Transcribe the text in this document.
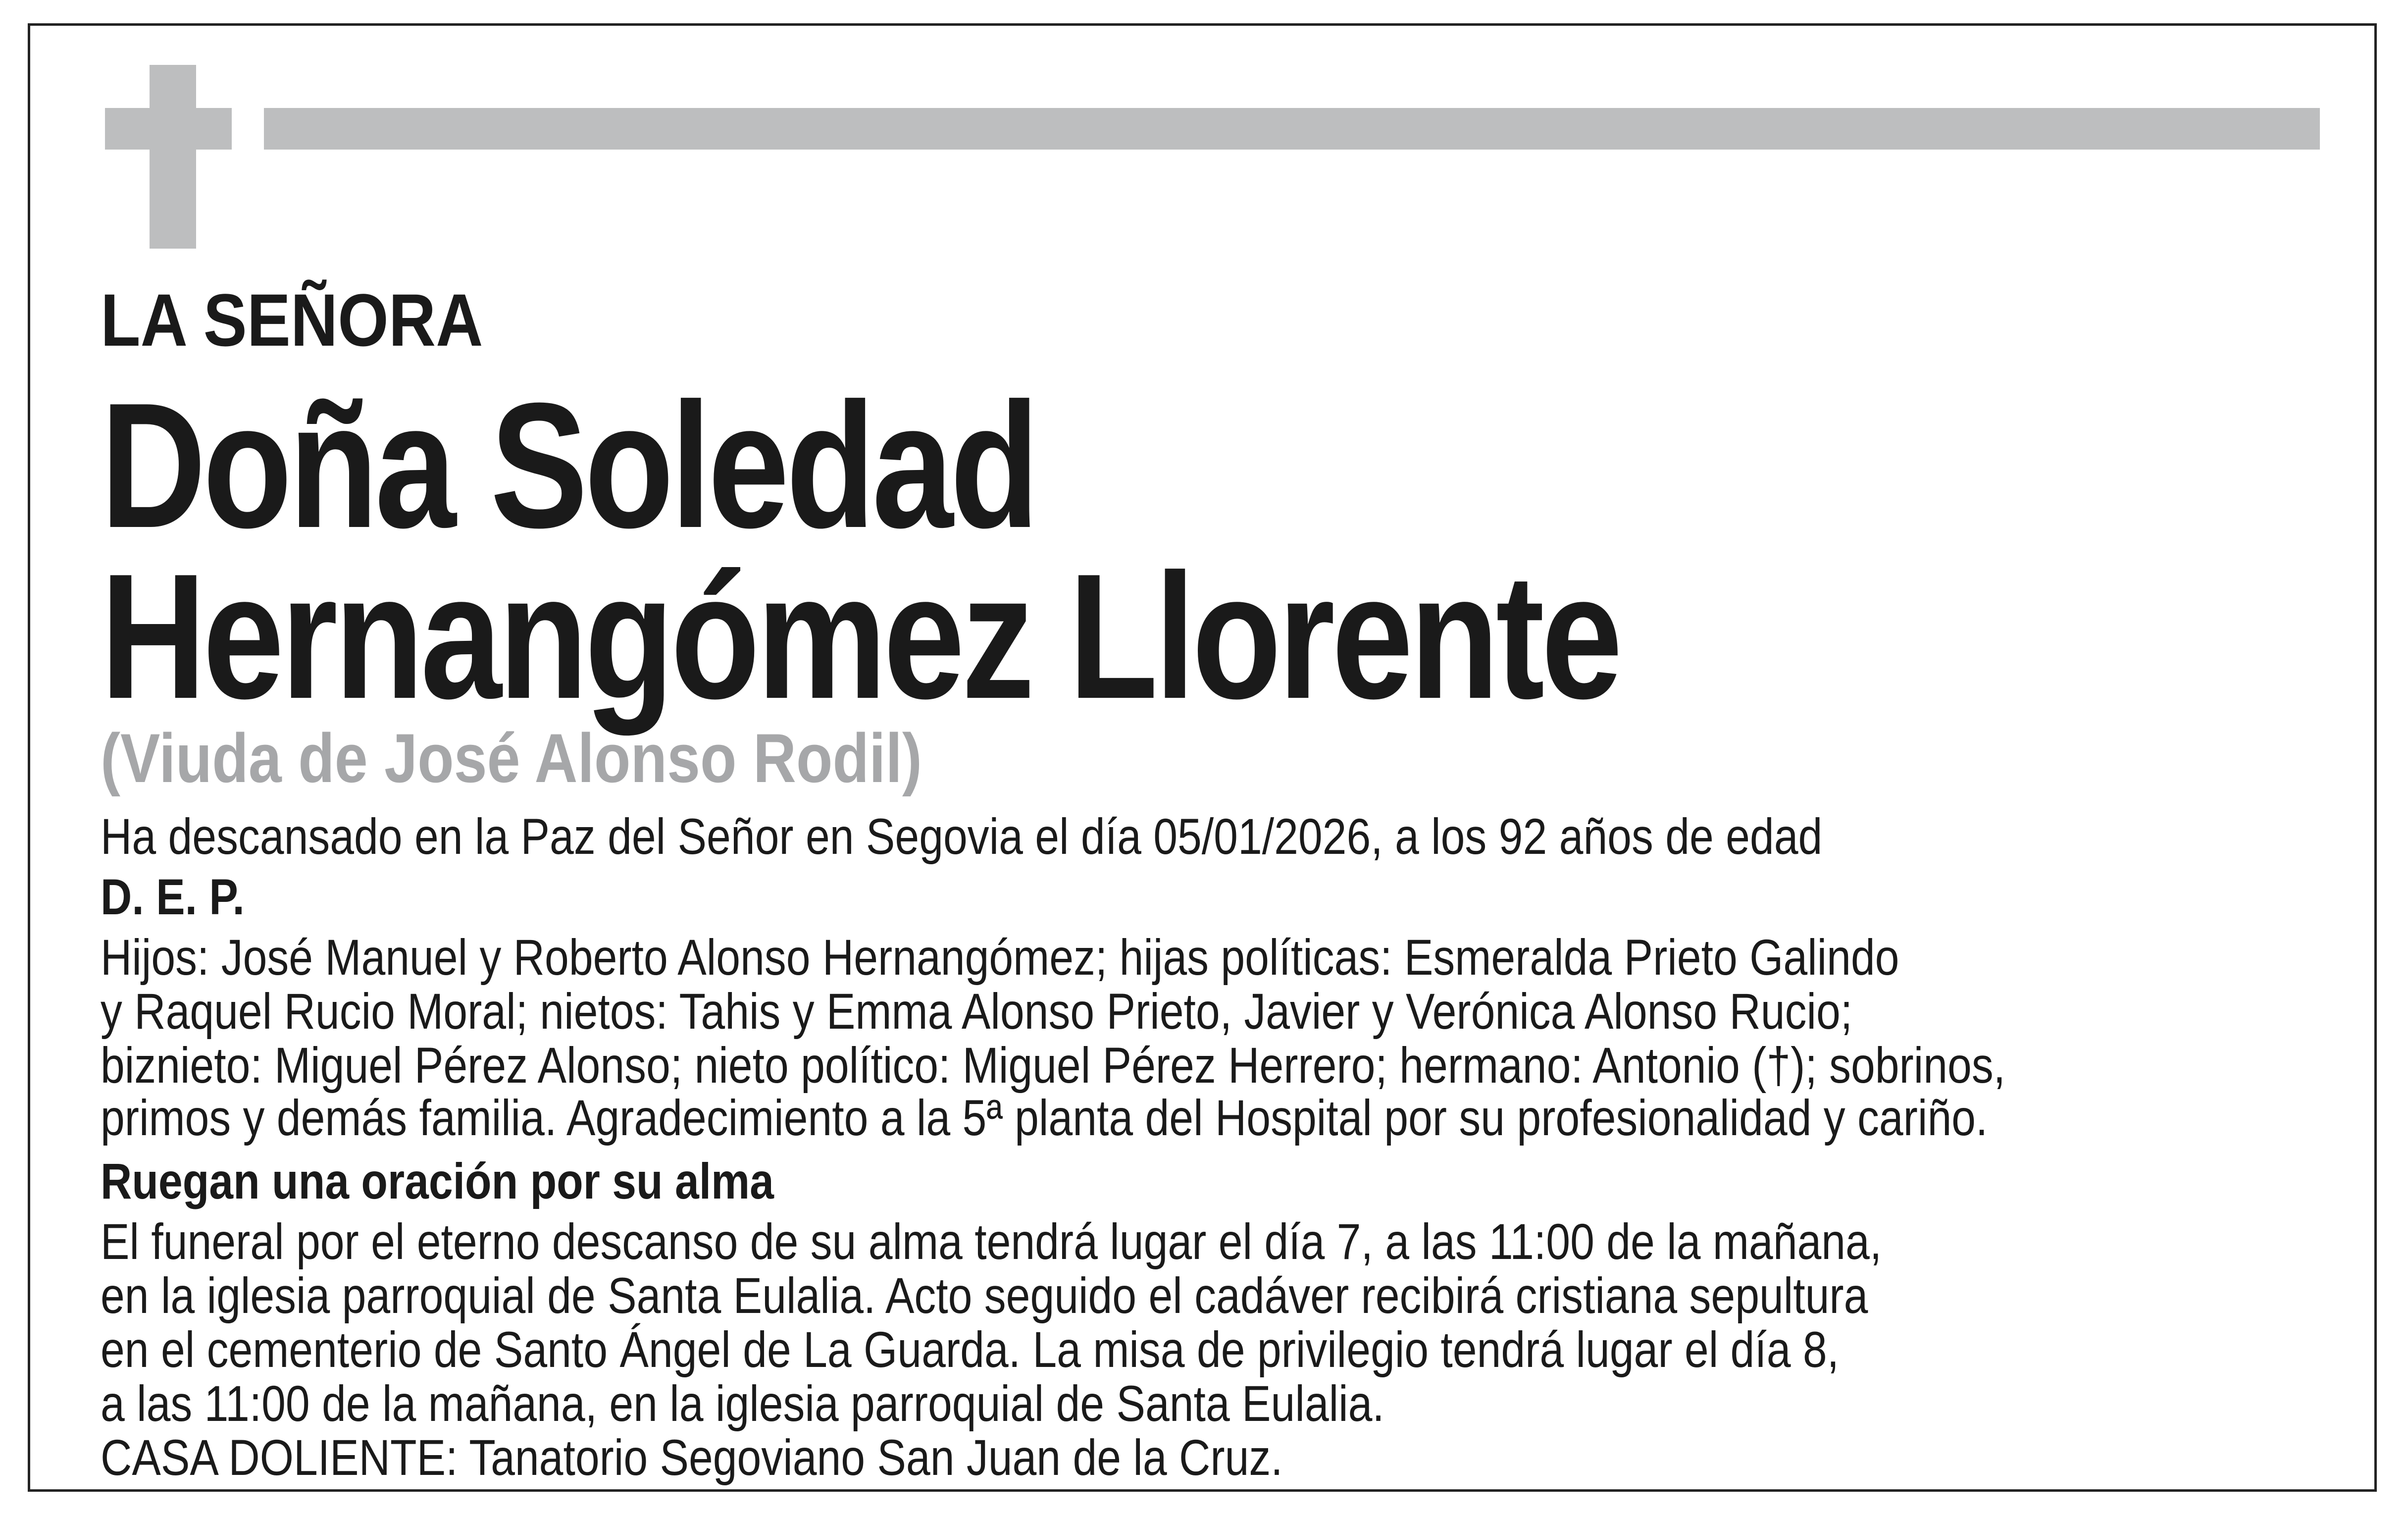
LA SEÑORA
Doña Soledad
Hernangómez Llorente
(Viuda de José Alonso Rodil)
Ha descansado en la Paz del Señor en Segovia el día 05/01/2026, a los 92 años de edad
D. E. P.
Hijos: José Manuel y Roberto Alonso Hernangómez; hijas políticas: Esmeralda Prieto Galindo
y Raquel Rucio Moral; nietos: Tahis y Emma Alonso Prieto, Javier y Verónica Alonso Rucio;
biznieto: Miguel Pérez Alonso; nieto político: Miguel Pérez Herrero; hermano: Antonio (†); sobrinos,
primos y demás familia. Agradecimiento a la 5ª planta del Hospital por su profesionalidad y cariño.
Ruegan una oración por su alma
El funeral por el eterno descanso de su alma tendrá lugar el día 7, a las 11:00 de la mañana,
en la iglesia parroquial de Santa Eulalia. Acto seguido el cadáver recibirá cristiana sepultura
en el cementerio de Santo Ángel de La Guarda. La misa de privilegio tendrá lugar el día 8,
a las 11:00 de la mañana, en la iglesia parroquial de Santa Eulalia.
CASA DOLIENTE: Tanatorio Segoviano San Juan de la Cruz.
